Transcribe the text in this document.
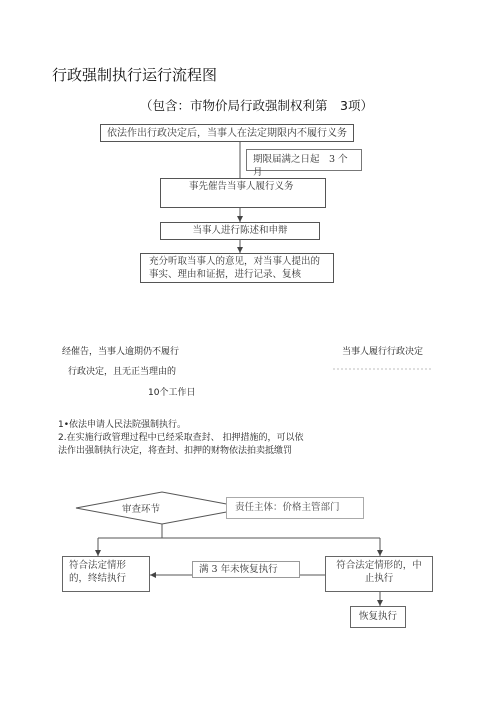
行政强制执行运行流程图
（包含：市物价局行政强制权利第　3项）
依法作出行政决定后，当事人在法定期限内不履行义务
期限届满之日起　3 个月
事先催告当事人履行义务
当事人进行陈述和申辩
充分听取当事人的意见，对当事人提出的事实、理由和证据，进行记录、复核
经催告，当事人逾期仍不履行
行政决定，且无正当理由的
当事人履行行政决定
10个工作日
1•依法申请人民法院强制执行。
2.在实施行政管理过程中已经采取查封、 扣押措施的，可以依
法作出强制执行决定，将查封、扣押的财物依法拍卖抵缴罚
审查环节	责任主体：价格主管部门
符合法定情形的，终结执行
满 3 年未恢复执行	符合法定情形的，中止执行
恢复执行
